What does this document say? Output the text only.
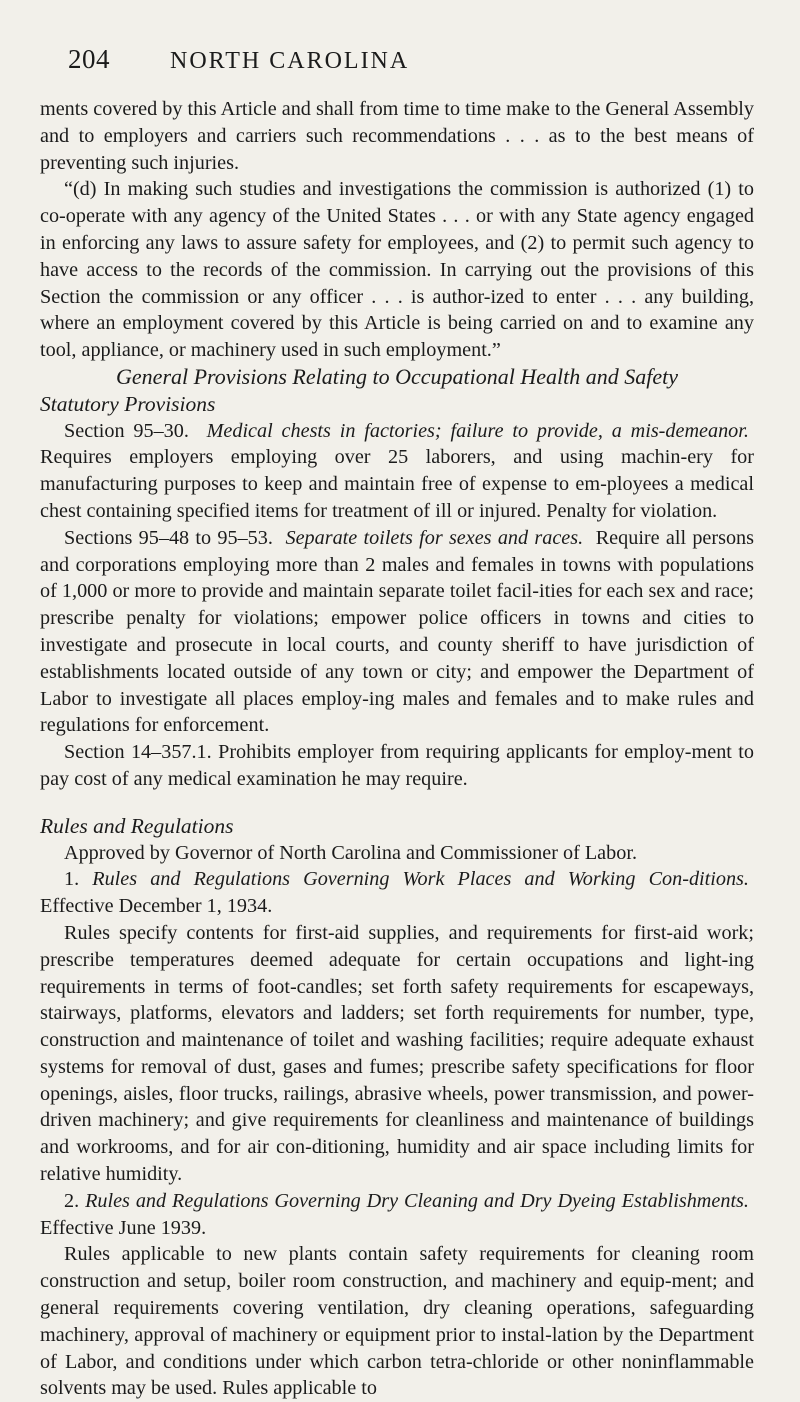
204	NORTH CAROLINA

ments covered by this Article and shall from time to time make to the General Assembly and to employers and carriers such recommendations . . . as to the best means of preventing such injuries.

“(d) In making such studies and investigations the commission is authorized (1) to co-operate with any agency of the United States . . . or with any State agency engaged in enforcing any laws to assure safety for employees, and (2) to permit such agency to have access to the records of the commission. In carrying out the provisions of this Section the commission or any officer . . . is author-ized to enter . . . any building, where an employment covered by this Article is being carried on and to examine any tool, appliance, or machinery used in such employment.”

General Provisions Relating to Occupational Health and Safety

Statutory Provisions

Section 95–30. Medical chests in factories; failure to provide, a mis-demeanor.  Requires employers employing over 25 laborers, and using machin-ery for manufacturing purposes to keep and maintain free of expense to em-ployees a medical chest containing specified items for treatment of ill or injured. Penalty for violation.

Sections 95–48 to 95–53. Separate toilets for sexes and races. Require all persons and corporations employing more than 2 males and females in towns with populations of 1,000 or more to provide and maintain separate toilet facil-ities for each sex and race; prescribe penalty for violations; empower police officers in towns and cities to investigate and prosecute in local courts, and county sheriff to have jurisdiction of establishments located outside of any town or city; and empower the Department of Labor to investigate all places employ-ing males and females and to make rules and regulations for enforcement.

Section 14–357.1. Prohibits employer from requiring applicants for employ-ment to pay cost of any medical examination he may require.

Rules and Regulations

Approved by Governor of North Carolina and Commissioner of Labor.

1. Rules and Regulations Governing Work Places and Working Con-ditions.  Effective December 1, 1934.

Rules specify contents for first-aid supplies, and requirements for first-aid work; prescribe temperatures deemed adequate for certain occupations and light-ing requirements in terms of foot-candles; set forth safety requirements for escapeways, stairways, platforms, elevators and ladders; set forth requirements for number, type, construction and maintenance of toilet and washing facilities; require adequate exhaust systems for removal of dust, gases and fumes; prescribe safety specifications for floor openings, aisles, floor trucks, railings, abrasive wheels, power transmission, and power-driven machinery; and give requirements for cleanliness and maintenance of buildings and workrooms, and for air con-ditioning, humidity and air space including limits for relative humidity.

2. Rules and Regulations Governing Dry Cleaning and Dry Dyeing Establishments.  Effective June 1939.

Rules applicable to new plants contain safety requirements for cleaning room construction and setup, boiler room construction, and machinery and equip-ment; and general requirements covering ventilation, dry cleaning operations, safeguarding machinery, approval of machinery or equipment prior to instal-lation by the Department of Labor, and conditions under which carbon tetra-chloride or other noninflammable solvents may be used. Rules applicable to
